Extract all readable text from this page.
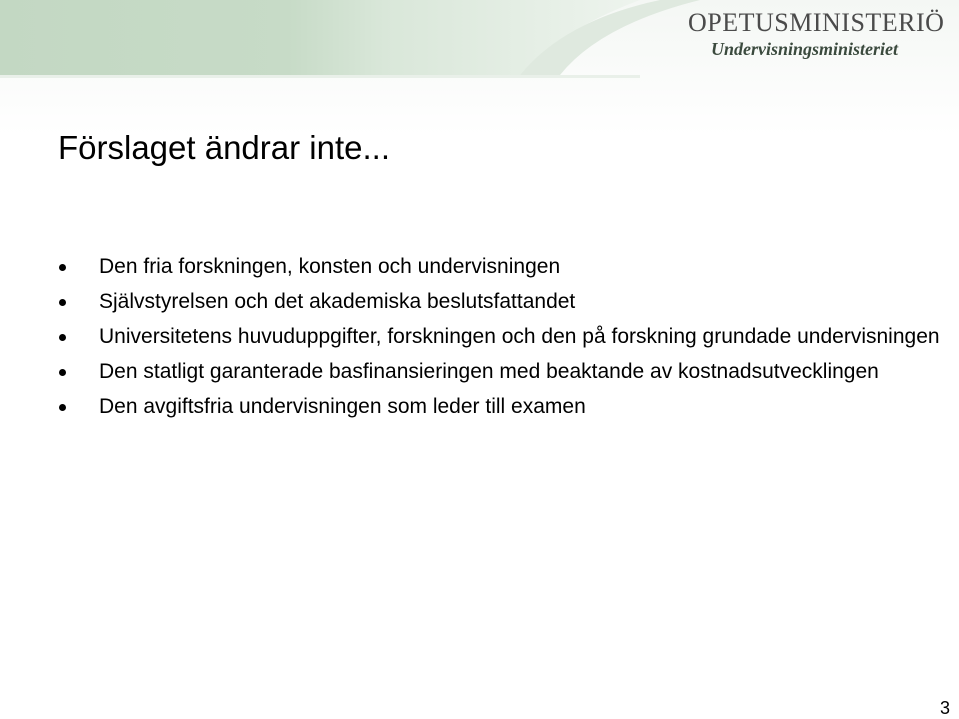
OPETUSMINISTERIÖ
Undervisningsministeriet
Förslaget ändrar inte...
Den fria forskningen, konsten och undervisningen
Självstyrelsen och det akademiska beslutsfattandet
Universitetens huvuduppgifter, forskningen och den på forskning grundade undervisningen
Den statligt garanterade basfinansieringen med beaktande av kostnadsutvecklingen
Den avgiftsfria undervisningen som leder till examen
3
